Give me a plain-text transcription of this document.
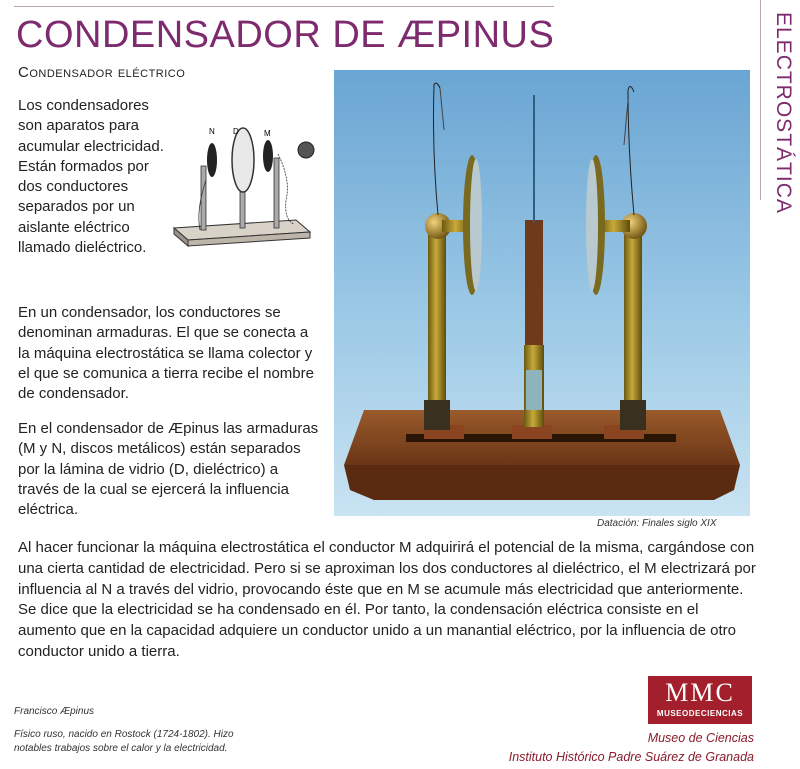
CONDENSADOR DE ÆPINUS
Condensador eléctrico	ELECTROSTÁTICA

Los condensadores son aparatos para acumular electricidad. Están formados por dos conductores separados por un aislante eléctrico llamado dieléctrico.

N D	M

En un condensador, los conductores se denominan armaduras. El que se conecta a la máquina electrostática se llama colector y el que se comunica a tierra recibe el nombre de condensador.

En el condensador de Æpinus las armaduras (M y N, discos metálicos) están separados por la lámina de vidrio (D, dieléctrico) a través de la cual se ejercerá la influencia eléctrica.

Datación: Finales siglo XIX

Al hacer funcionar la máquina electrostática el conductor M adquirirá el potencial de la misma, cargándose con una cierta cantidad de electricidad. Pero si se aproximan los dos conductores al dieléctrico, el M electrizará por influencia al N a través del vidrio, provocando éste que en M se acumule más electricidad que anteriormente. Se dice que la electricidad se ha condensado en él. Por tanto, la condensación eléctrica consiste en el aumento que en la capacidad adquiere un conductor unido a un manantial eléctrico, por la influencia de otro conductor unido a tierra.

Francisco Æpinus
Físico ruso, nacido en Rostock (1724-1802). Hizo notables trabajos sobre el calor y la electricidad.
MMC
MUSEODECIENCIAS
Museo de Ciencias
Instituto Histórico Padre Suárez de Granada
